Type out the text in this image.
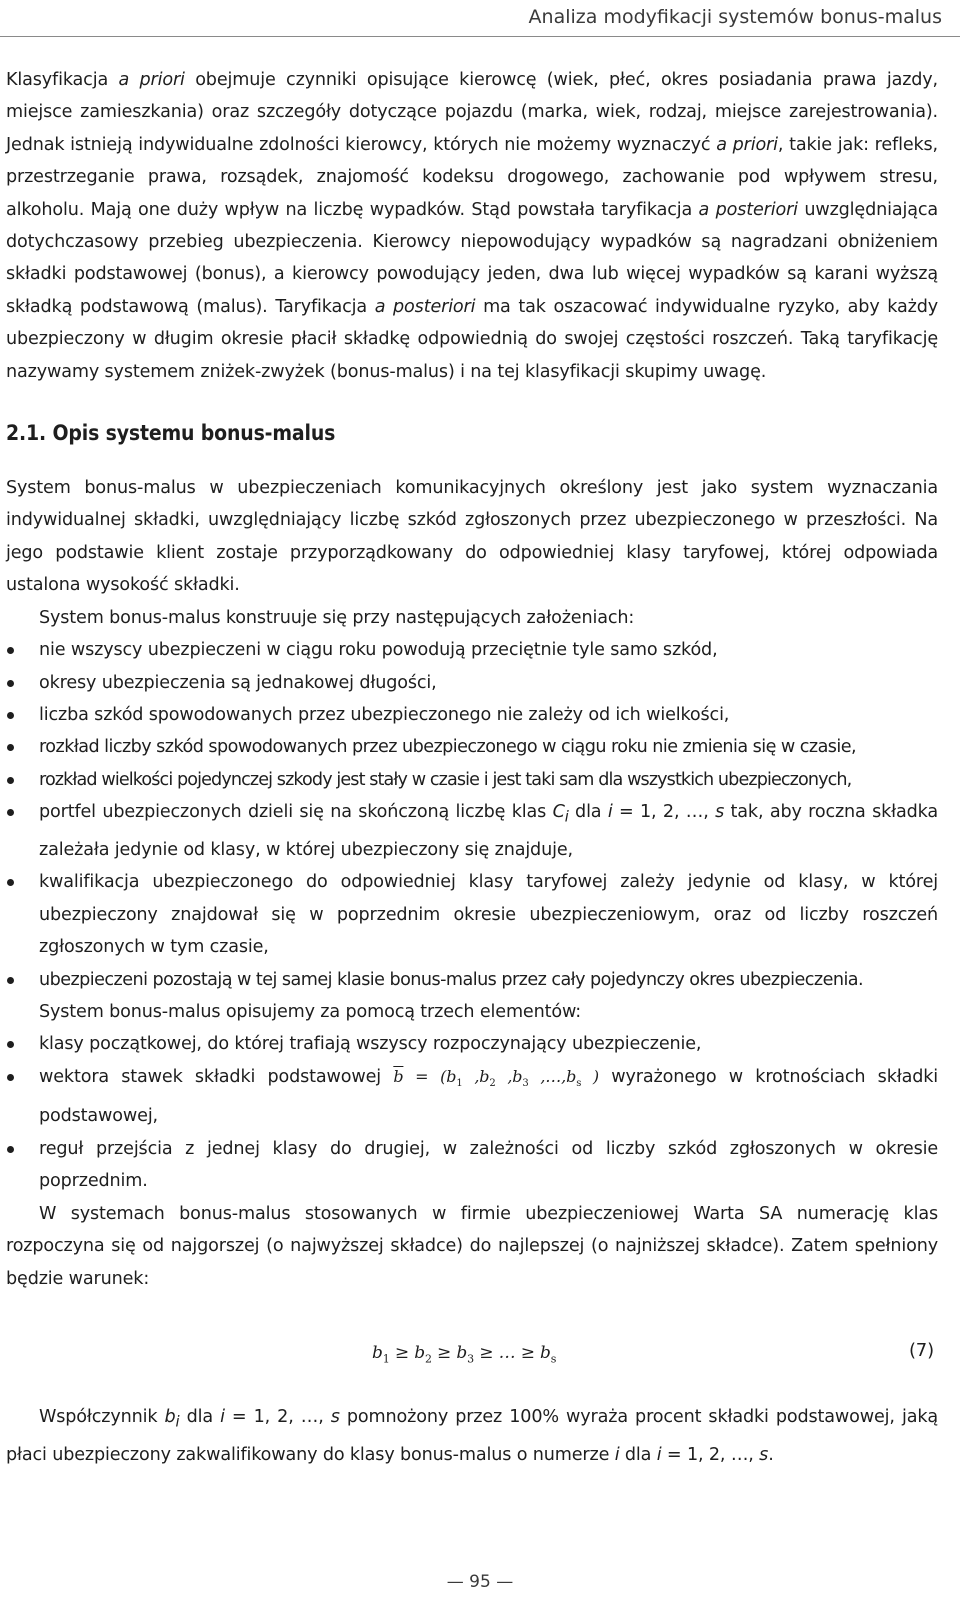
Analiza modyfikacji systemów bonus-malus

Klasyfikacja a priori obejmuje czynniki opisujące kierowcę (wiek, płeć, okres posiadania prawa jazdy, miejsce zamieszkania) oraz szczegóły dotyczące pojazdu (marka, wiek, rodzaj, miejsce zarejestrowania). Jednak istnieją indywidualne zdolności kierowcy, których nie możemy wyznaczyć a priori, takie jak: refleks, przestrzeganie prawa, rozsądek, znajomość kodeksu drogowego, zachowanie pod wpływem stresu, alkoholu. Mają one duży wpływ na liczbę wypadków. Stąd powstała taryfikacja a posteriori uwzględniająca dotychczasowy przebieg ubezpieczenia. Kierowcy niepowodujący wypadków są nagradzani obniżeniem składki podstawowej (bonus), a kierowcy powodujący jeden, dwa lub więcej wypadków są karani wyższą składką podstawową (malus). Taryfikacja a posteriori ma tak oszacować indywidualne ryzyko, aby każdy ubezpieczony w długim okresie płacił składkę odpowiednią do swojej częstości roszczeń. Taką taryfikację nazywamy systemem zniżek-zwyżek (bonus-malus) i na tej klasyfikacji skupimy uwagę.

2.1. Opis systemu bonus-malus

System bonus-malus w ubezpieczeniach komunikacyjnych określony jest jako system wyznaczania indywidualnej składki, uwzględniający liczbę szkód zgłoszonych przez ubezpieczonego w przeszłości. Na jego podstawie klient zostaje przyporządkowany do odpowiedniej klasy taryfowej, której odpowiada ustalona wysokość składki.

System bonus-malus konstruuje się przy następujących założeniach:

nie wszyscy ubezpieczeni w ciągu roku powodują przeciętnie tyle samo szkód,
okresy ubezpieczenia są jednakowej długości,
liczba szkód spowodowanych przez ubezpieczonego nie zależy od ich wielkości,
rozkład liczby szkód spowodowanych przez ubezpieczonego w ciągu roku nie zmienia się w czasie,
rozkład wielkości pojedynczej szkody jest stały w czasie i jest taki sam dla wszystkich ubezpieczonych,
portfel ubezpieczonych dzieli się na skończoną liczbę klas $C_i$ dla i = 1, 2, …, s tak, aby roczna składka zależała jedynie od klasy, w której ubezpieczony się znajduje,
kwalifikacja ubezpieczonego do odpowiedniej klasy taryfowej zależy jedynie od klasy, w której ubezpieczony znajdował się w poprzednim okresie ubezpieczeniowym, oraz od liczby roszczeń zgłoszonych w tym czasie,
ubezpieczeni pozostają w tej samej klasie bonus-malus przez cały pojedynczy okres ubezpieczenia.

System bonus-malus opisujemy za pomocą trzech elementów:

klasy początkowej, do której trafiają wszyscy rozpoczynający ubezpieczenie,
wektora stawek składki podstawowej $\overline{b} = (b_1$ $,b_2$ $,b_3$ $,\dots,b_s$ ) wyrażonego w krotnościach składki podstawowej,
reguł przejścia z jednej klasy do drugiej, w zależności od liczby szkód zgłoszonych w okresie poprzednim.

W systemach bonus-malus stosowanych w firmie ubezpieczeniowej Warta SA numerację klas rozpoczyna się od najgorszej (o najwyższej składce) do najlepszej (o najniższej składce). Zatem spełniony będzie warunek:

$b_1 \ge b_2 \ge b_3$ ≥ … ≥ $b_s$	(7)

Współczynnik $b_i$ dla i = 1, 2, …, s pomnożony przez 100% wyraża procent składki podstawowej, jaką płaci ubezpieczony zakwalifikowany do klasy bonus-malus o numerze i dla i = 1, 2, …, s.

— 95 —
